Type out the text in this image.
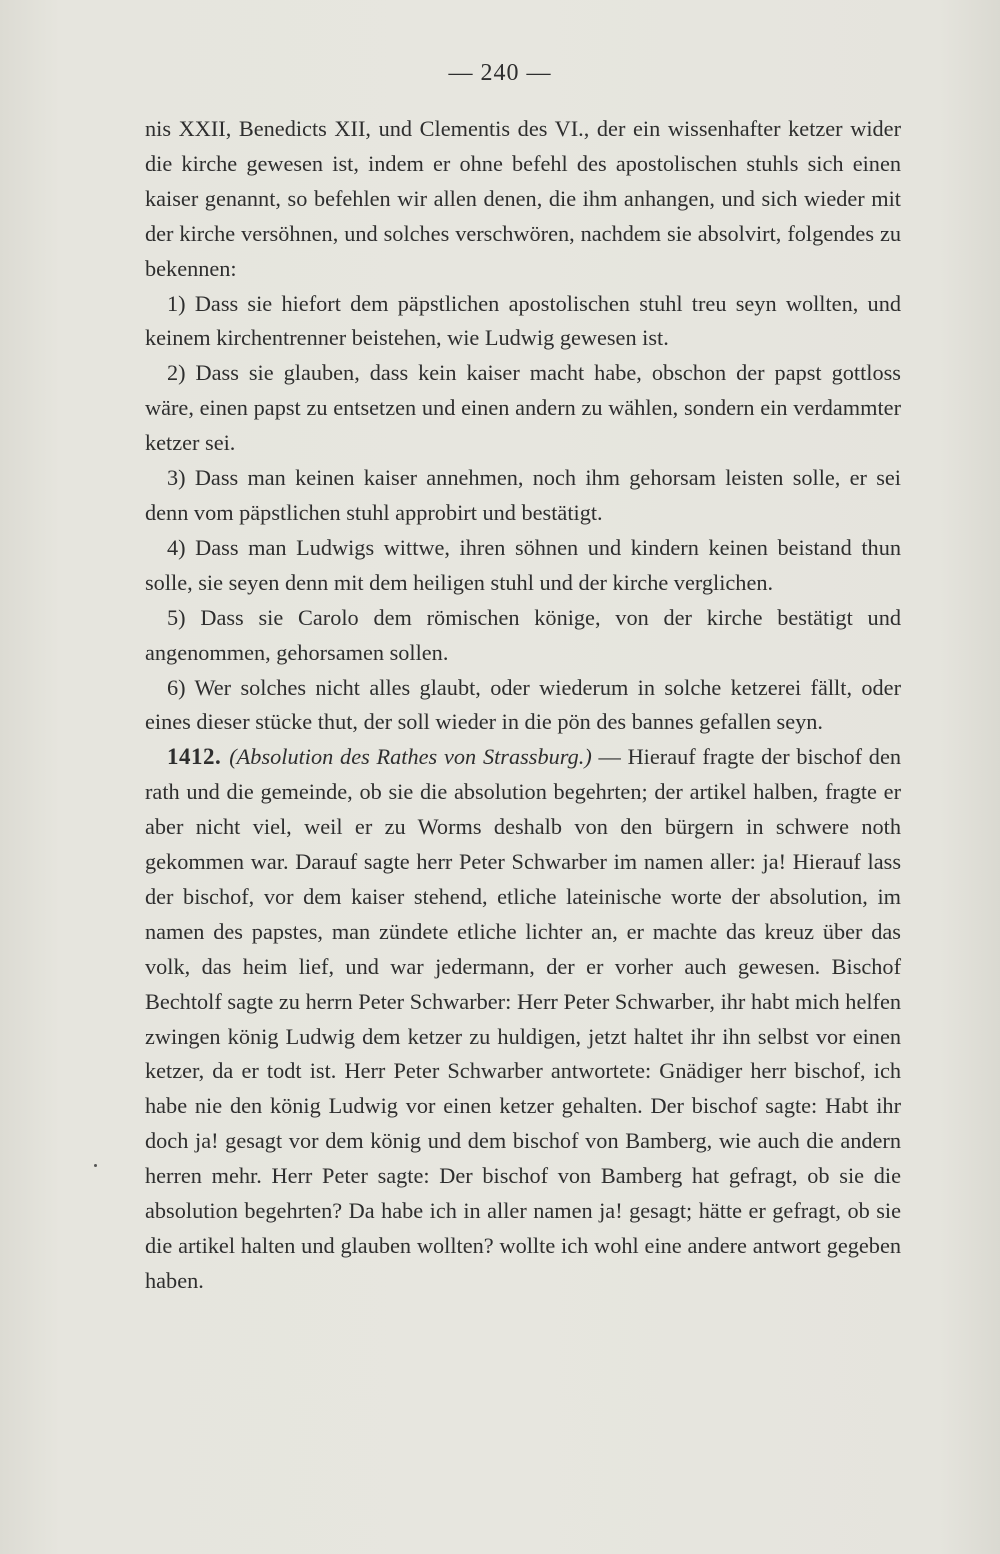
— 240 —

nis XXII, Benedicts XII, und Clementis des VI., der ein wissenhafter ketzer wider die kirche gewesen ist, indem er ohne befehl des apostolischen stuhls sich einen kaiser genannt, so befehlen wir allen denen, die ihm anhangen, und sich wieder mit der kirche versöhnen, und solches verschwören, nachdem sie absolvirt, folgendes zu bekennen:

1) Dass sie hiefort dem päpstlichen apostolischen stuhl treu seyn wollten, und keinem kirchentrenner beistehen, wie Ludwig gewesen ist.

2) Dass sie glauben, dass kein kaiser macht habe, obschon der papst gottloss wäre, einen papst zu entsetzen und einen andern zu wählen, sondern ein verdammter ketzer sei.

3) Dass man keinen kaiser annehmen, noch ihm gehorsam leisten solle, er sei denn vom päpstlichen stuhl approbirt und bestätigt.

4) Dass man Ludwigs wittwe, ihren söhnen und kindern keinen beistand thun solle, sie seyen denn mit dem heiligen stuhl und der kirche verglichen.

5) Dass sie Carolo dem römischen könige, von der kirche bestätigt und angenommen, gehorsamen sollen.

6) Wer solches nicht alles glaubt, oder wiederum in solche ketzerei fällt, oder eines dieser stücke thut, der soll wieder in die pön des bannes gefallen seyn.

1412. (Absolution des Rathes von Strassburg.) — Hierauf fragte der bischof den rath und die gemeinde, ob sie die absolution begehrten; der artikel halben, fragte er aber nicht viel, weil er zu Worms deshalb von den bürgern in schwere noth gekommen war. Darauf sagte herr Peter Schwarber im namen aller: ja! Hierauf lass der bischof, vor dem kaiser stehend, etliche lateinische worte der absolution, im namen des papstes, man zündete etliche lichter an, er machte das kreuz über das volk, das heim lief, und war jedermann, der er vorher auch gewesen. Bischof Bechtolf sagte zu herrn Peter Schwarber: Herr Peter Schwarber, ihr habt mich helfen zwingen könig Ludwig dem ketzer zu huldigen, jetzt haltet ihr ihn selbst vor einen ketzer, da er todt ist. Herr Peter Schwarber antwortete: Gnädiger herr bischof, ich habe nie den könig Ludwig vor einen ketzer gehalten. Der bischof sagte: Habt ihr doch ja! gesagt vor dem könig und dem bischof von Bamberg, wie auch die andern herren mehr. Herr Peter sagte: Der bischof von Bamberg hat gefragt, ob sie die absolution begehrten? Da habe ich in aller namen ja! gesagt; hätte er gefragt, ob sie die artikel halten und glauben wollten? wollte ich wohl eine andere antwort gegeben haben.
